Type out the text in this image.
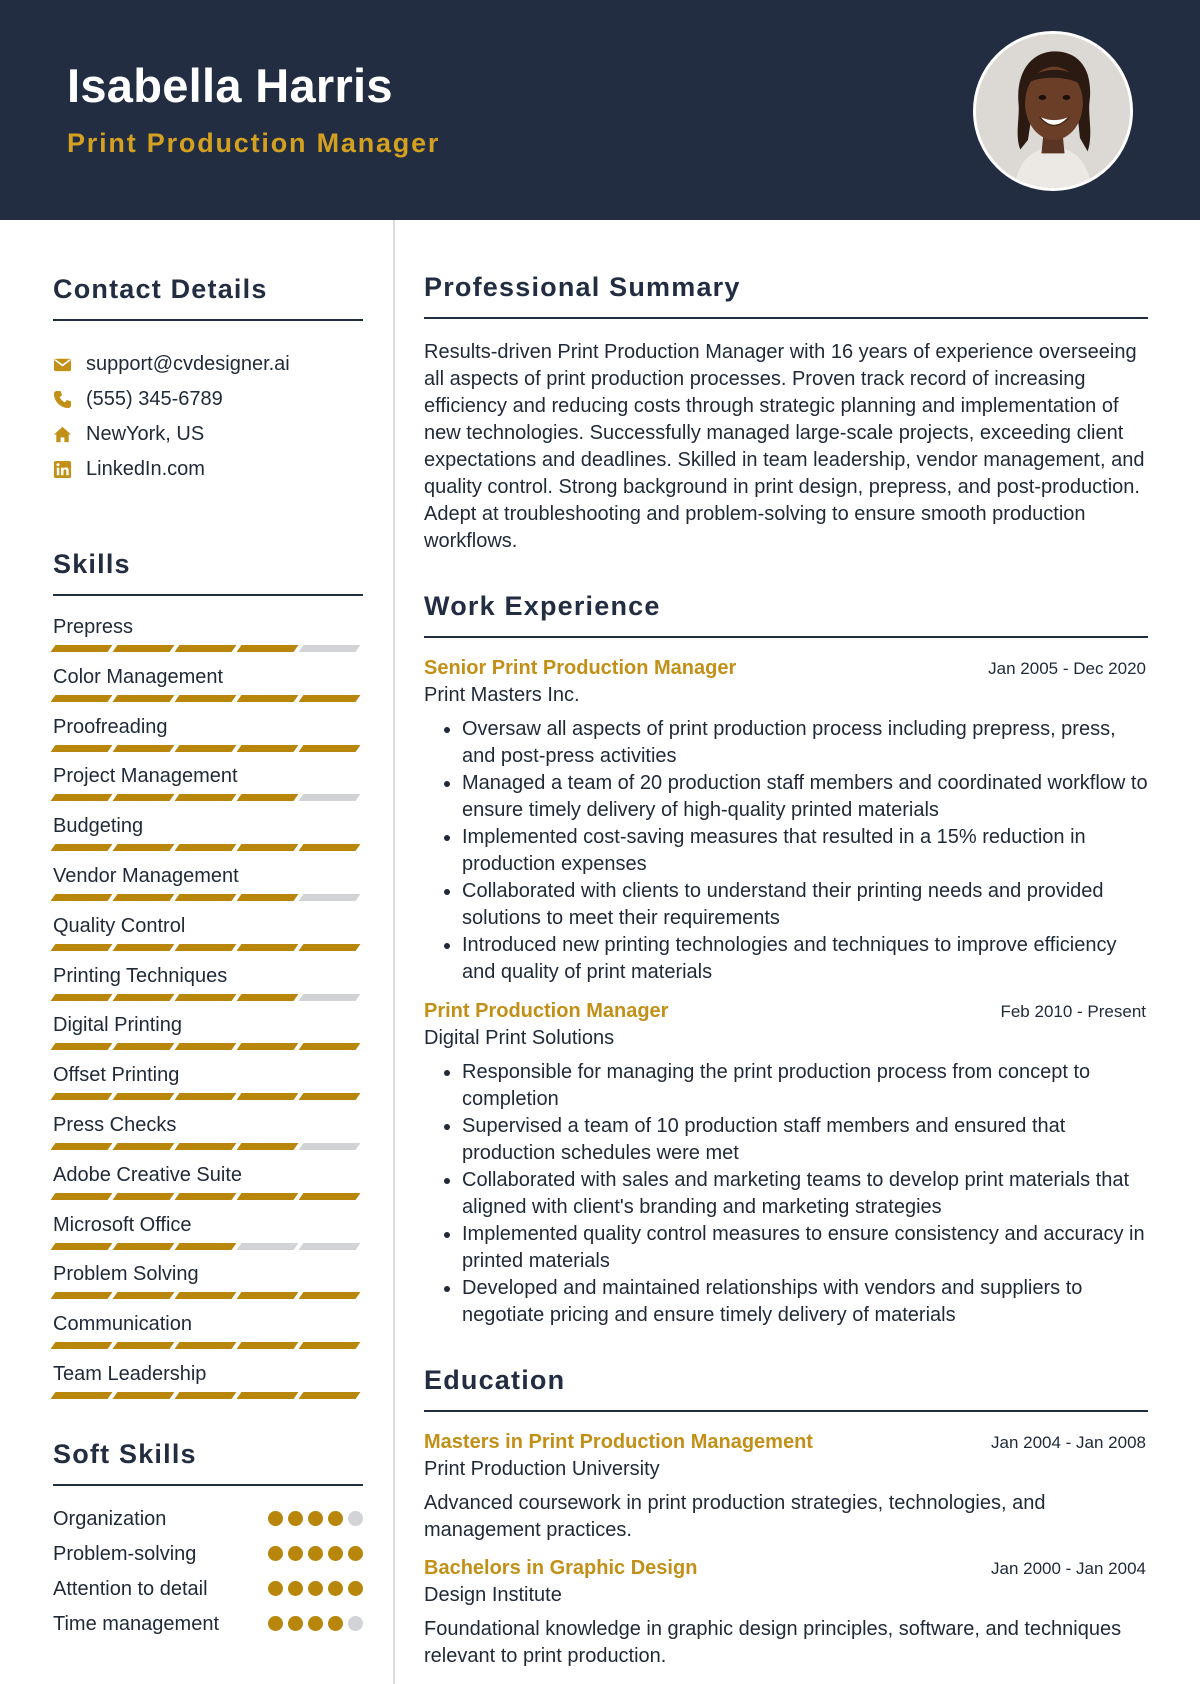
Isabella Harris
Print Production Manager
Contact Details
support@cvdesigner.ai
(555) 345-6789
NewYork, US
LinkedIn.com
Skills
Prepress
Color Management
Proofreading
Project Management
Budgeting
Vendor Management
Quality Control
Printing Techniques
Digital Printing
Offset Printing
Press Checks
Adobe Creative Suite
Microsoft Office
Problem Solving
Communication
Team Leadership
Soft Skills
Organization
Problem-solving
Attention to detail
Time management
Professional Summary
Results-driven Print Production Manager with 16 years of experience overseeing all aspects of print production processes. Proven track record of increasing efficiency and reducing costs through strategic planning and implementation of new technologies. Successfully managed large-scale projects, exceeding client expectations and deadlines. Skilled in team leadership, vendor management, and quality control. Strong background in print design, prepress, and post-production. Adept at troubleshooting and problem-solving to ensure smooth production workflows.
Work Experience
Senior Print Production Manager	Jan 2005 - Dec 2020
Print Masters Inc.
• Oversaw all aspects of print production process including prepress, press, and post-press activities
• Managed a team of 20 production staff members and coordinated workflow to ensure timely delivery of high-quality printed materials
• Implemented cost-saving measures that resulted in a 15% reduction in production expenses
• Collaborated with clients to understand their printing needs and provided solutions to meet their requirements
• Introduced new printing technologies and techniques to improve efficiency and quality of print materials
Print Production Manager	Feb 2010 - Present
Digital Print Solutions
• Responsible for managing the print production process from concept to completion
• Supervised a team of 10 production staff members and ensured that production schedules were met
• Collaborated with sales and marketing teams to develop print materials that aligned with client's branding and marketing strategies
• Implemented quality control measures to ensure consistency and accuracy in printed materials
• Developed and maintained relationships with vendors and suppliers to negotiate pricing and ensure timely delivery of materials
Education
Masters in Print Production Management	Jan 2004 - Jan 2008
Print Production University
Advanced coursework in print production strategies, technologies, and management practices.
Bachelors in Graphic Design	Jan 2000 - Jan 2004
Design Institute
Foundational knowledge in graphic design principles, software, and techniques relevant to print production.
